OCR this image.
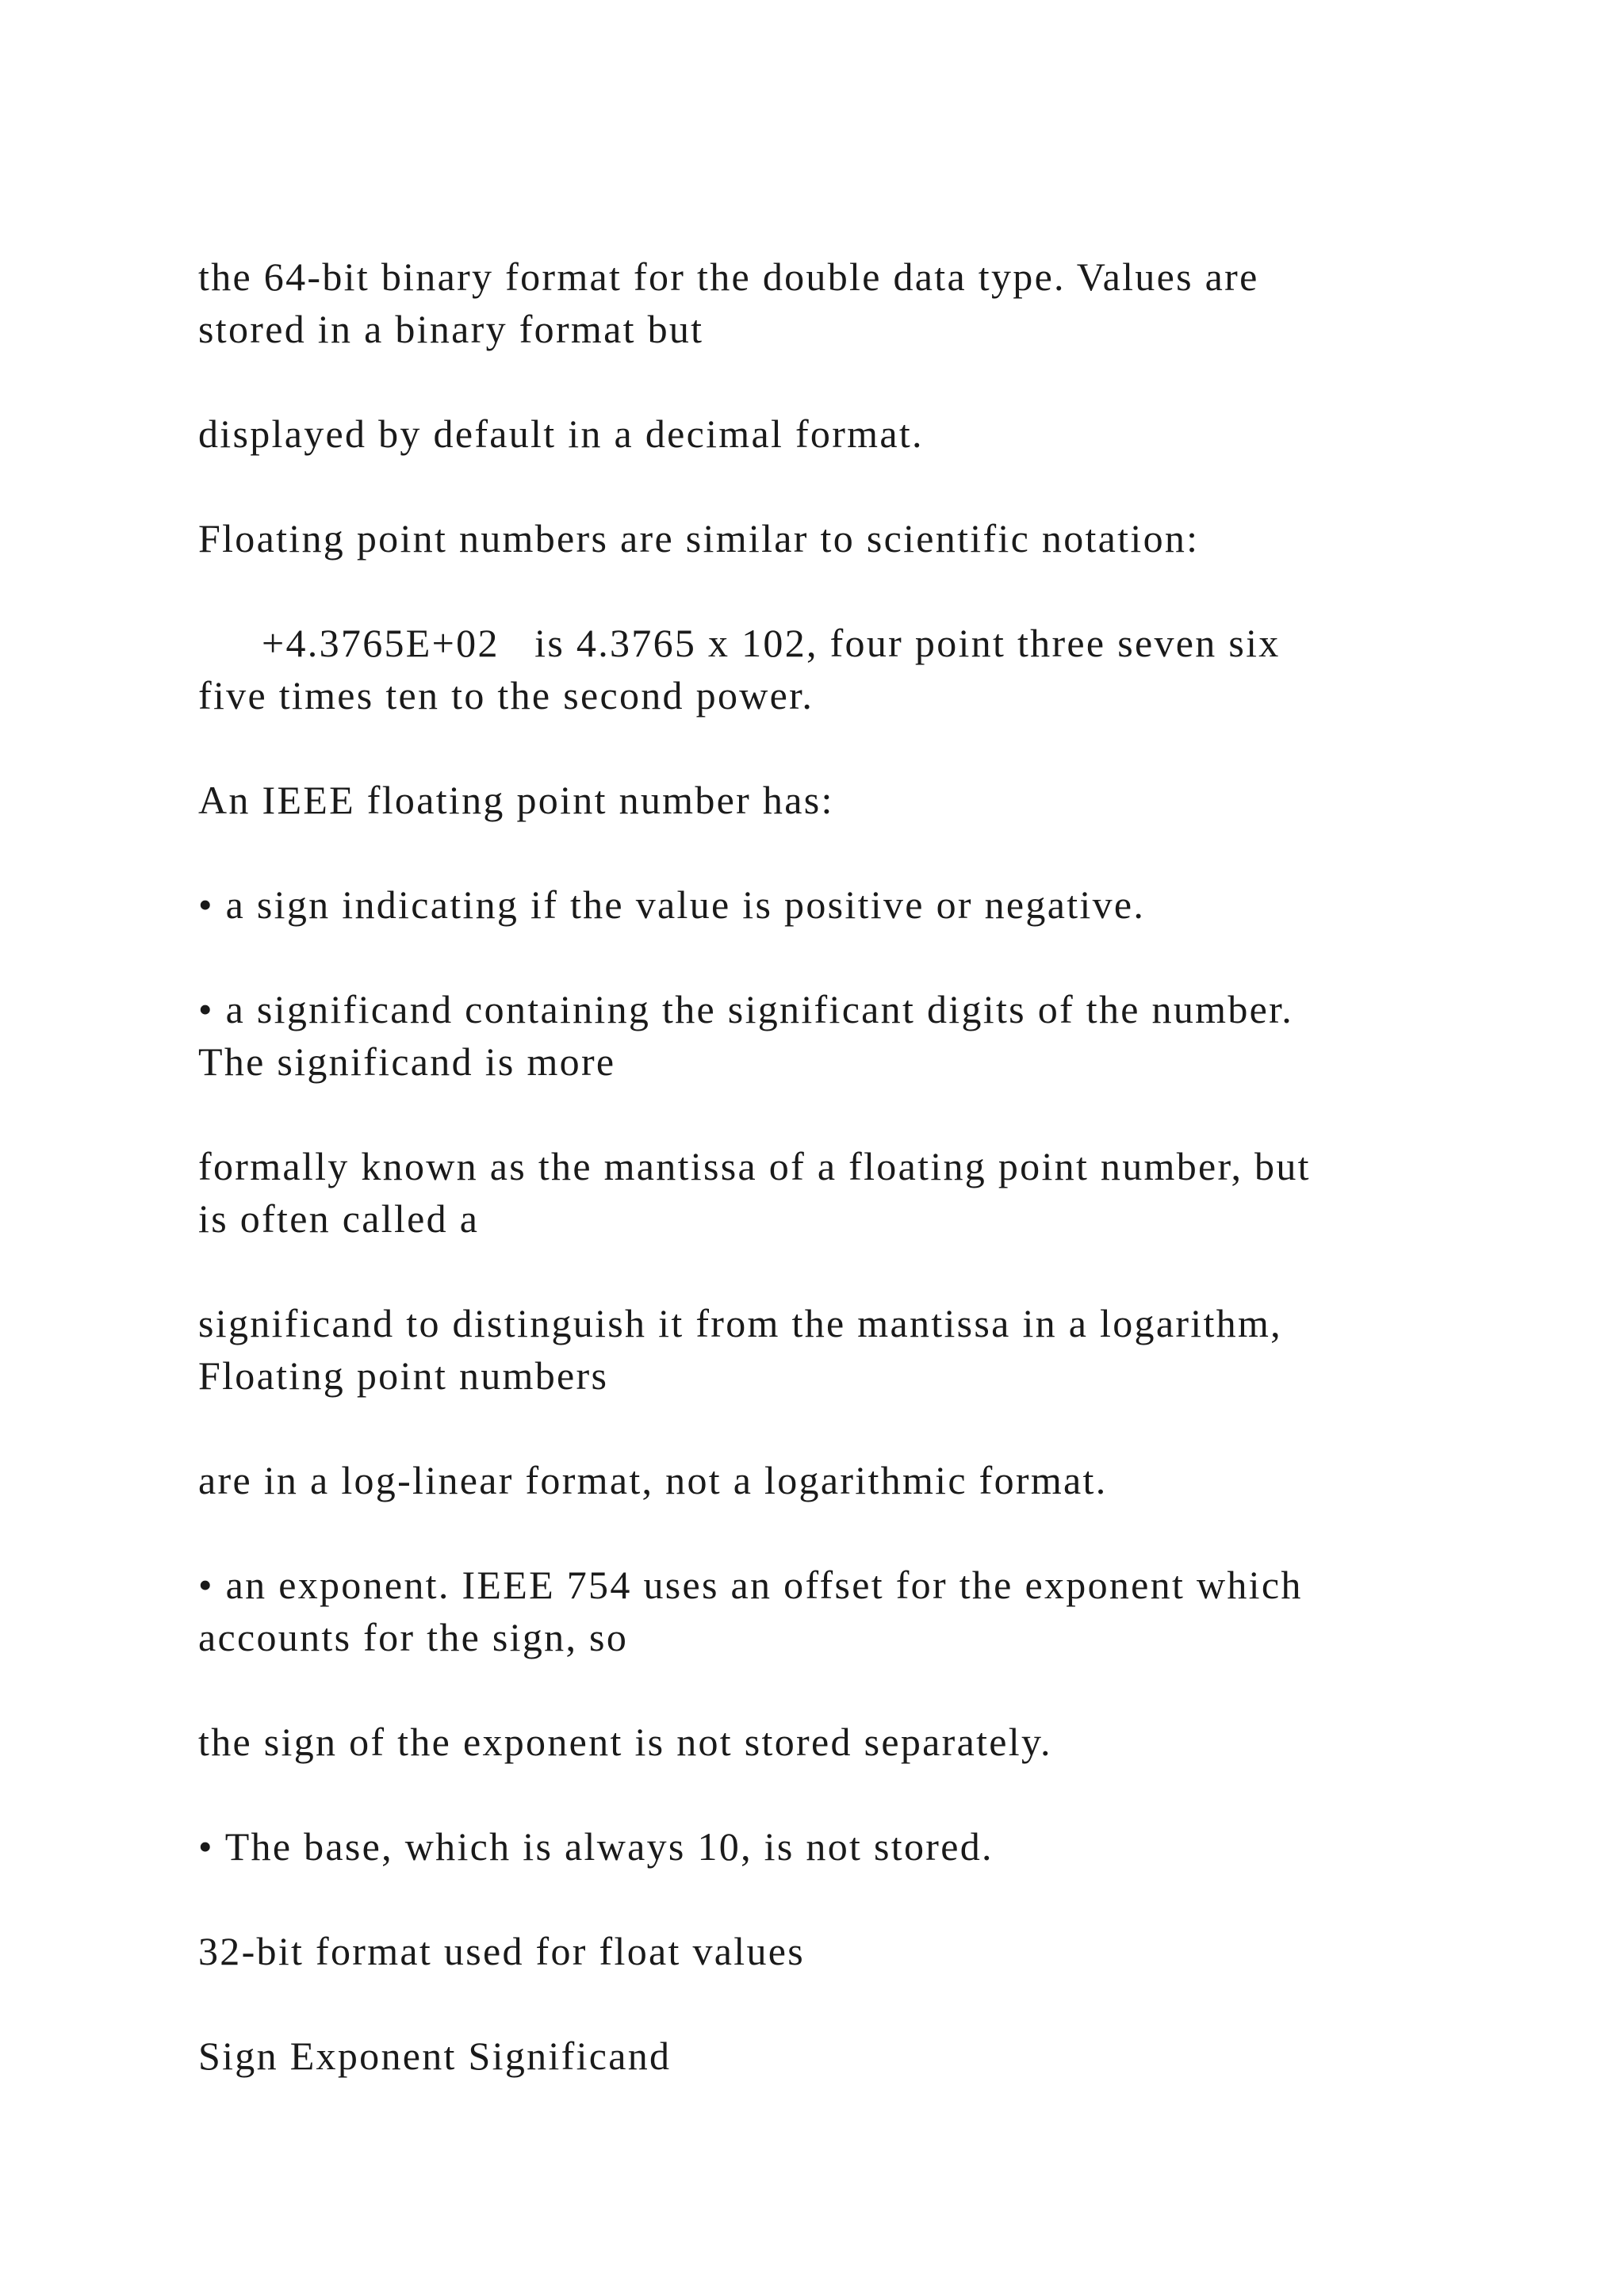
the 64-bit binary format for the double data type. Values are

stored in a binary format but

displayed by default in a decimal format.

Floating point numbers are similar to scientific notation:

+4.3765E+02   is 4.3765 x 102, four point three seven six

five times ten to the second power.

An IEEE floating point number has:

• a sign indicating if the value is positive or negative.

• a significand containing the significant digits of the number.

The significand is more

formally known as the mantissa of a floating point number, but

is often called a

significand to distinguish it from the mantissa in a logarithm,

Floating point numbers

are in a log-linear format, not a logarithmic format.

• an exponent. IEEE 754 uses an offset for the exponent which

accounts for the sign, so

the sign of the exponent is not stored separately.

• The base, which is always 10, is not stored.

32-bit format used for float values

Sign Exponent Significand
